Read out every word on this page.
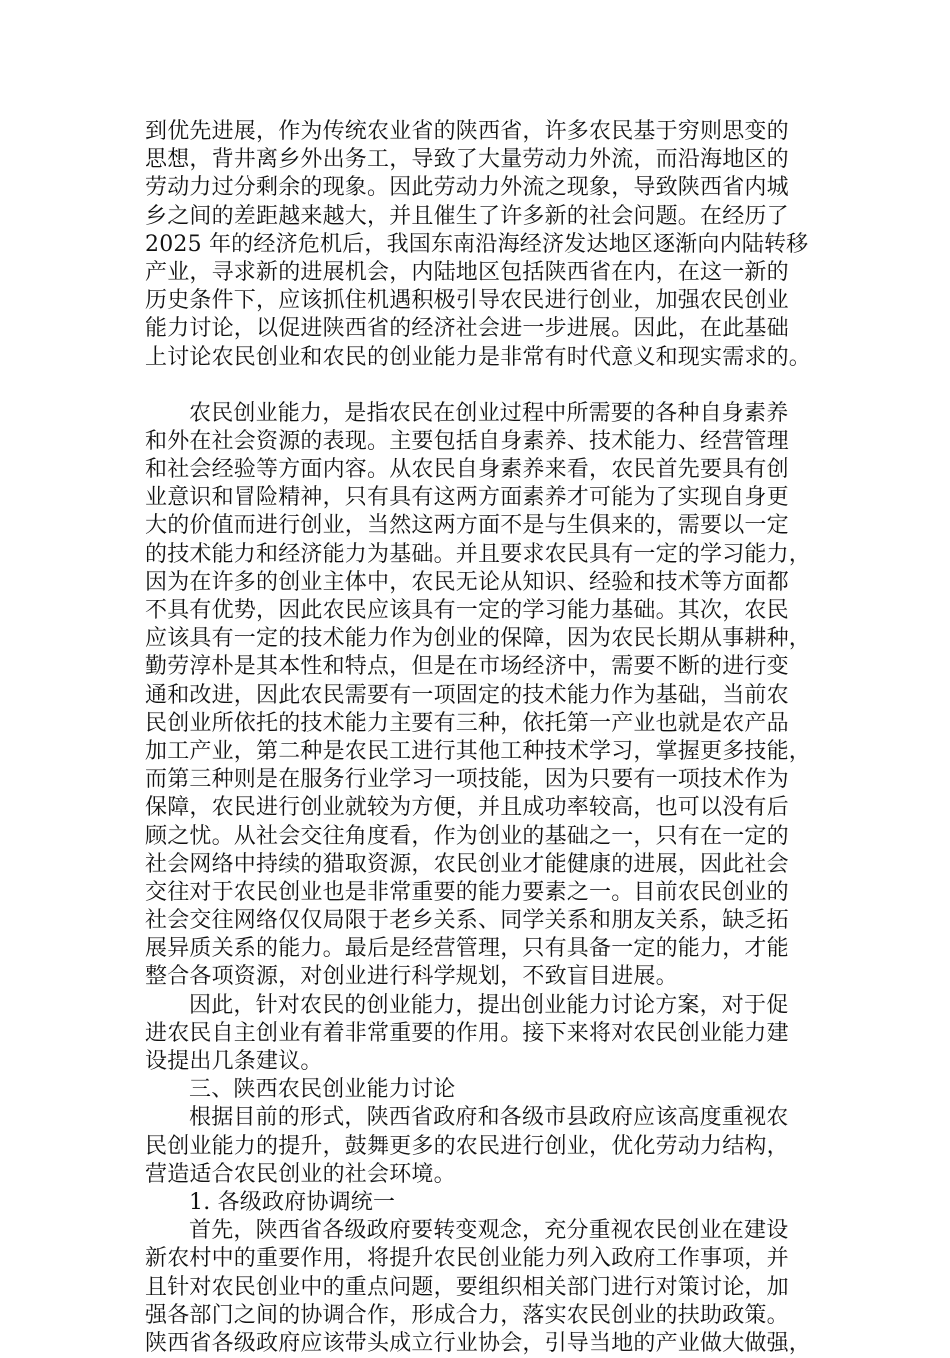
到优先进展，作为传统农业省的陕西省，许多农民基于穷则思变的
思想，背井离乡外出务工，导致了大量劳动力外流，而沿海地区的
劳动力过分剩余的现象。因此劳动力外流之现象，导致陕西省内城
乡之间的差距越来越大，并且催生了许多新的社会问题。在经历了
2025 年的经济危机后，我国东南沿海经济发达地区逐渐向内陆转移
产业，寻求新的进展机会，内陆地区包括陕西省在内，在这一新的
历史条件下，应该抓住机遇积极引导农民进行创业，加强农民创业
能力讨论，以促进陕西省的经济社会进一步进展。因此，在此基础
上讨论农民创业和农民的创业能力是非常有时代意义和现实需求的。
农民创业能力，是指农民在创业过程中所需要的各种自身素养
和外在社会资源的表现。主要包括自身素养、技术能力、经营管理
和社会经验等方面内容。从农民自身素养来看，农民首先要具有创
业意识和冒险精神，只有具有这两方面素养才可能为了实现自身更
大的价值而进行创业，当然这两方面不是与生俱来的，需要以一定
的技术能力和经济能力为基础。并且要求农民具有一定的学习能力，
因为在许多的创业主体中，农民无论从知识、经验和技术等方面都
不具有优势，因此农民应该具有一定的学习能力基础。其次，农民
应该具有一定的技术能力作为创业的保障，因为农民长期从事耕种，
勤劳淳朴是其本性和特点，但是在市场经济中，需要不断的进行变
通和改进，因此农民需要有一项固定的技术能力作为基础，当前农
民创业所依托的技术能力主要有三种，依托第一产业也就是农产品
加工产业，第二种是农民工进行其他工种技术学习，掌握更多技能，
而第三种则是在服务行业学习一项技能，因为只要有一项技术作为
保障，农民进行创业就较为方便，并且成功率较高，也可以没有后
顾之忧。从社会交往角度看，作为创业的基础之一，只有在一定的
社会网络中持续的猎取资源，农民创业才能健康的进展，因此社会
交往对于农民创业也是非常重要的能力要素之一。目前农民创业的
社会交往网络仅仅局限于老乡关系、同学关系和朋友关系，缺乏拓
展异质关系的能力。最后是经营管理，只有具备一定的能力，才能
整合各项资源，对创业进行科学规划，不致盲目进展。
因此，针对农民的创业能力，提出创业能力讨论方案，对于促
进农民自主创业有着非常重要的作用。接下来将对农民创业能力建
设提出几条建议。
三、陕西农民创业能力讨论
根据目前的形式，陕西省政府和各级市县政府应该高度重视农
民创业能力的提升，鼓舞更多的农民进行创业，优化劳动力结构，
营造适合农民创业的社会环境。
1. 各级政府协调统一
首先，陕西省各级政府要转变观念，充分重视农民创业在建设
新农村中的重要作用，将提升农民创业能力列入政府工作事项，并
且针对农民创业中的重点问题，要组织相关部门进行对策讨论，加
强各部门之间的协调合作，形成合力，落实农民创业的扶助政策。
陕西省各级政府应该带头成立行业协会，引导当地的产业做大做强，
